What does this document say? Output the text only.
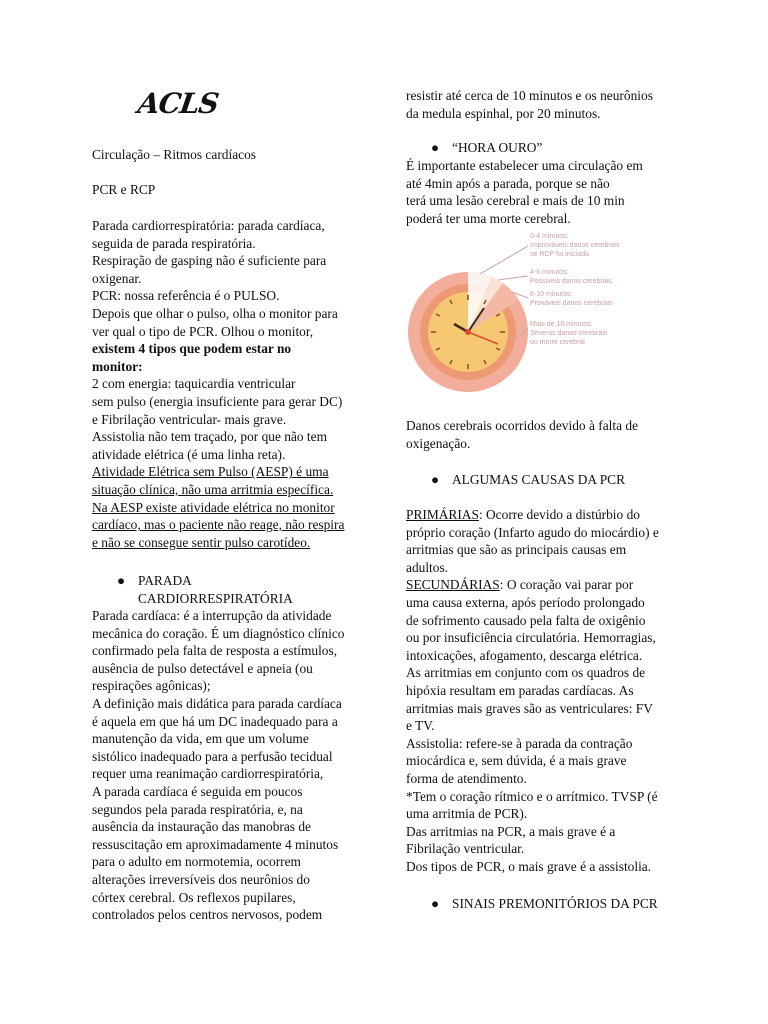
ACLS

Circulação – Ritmos cardíacos

PCR e RCP

Parada cardiorrespiratória: parada cardíaca,

seguida de parada respiratória.

Respiração de gasping não é suficiente para

oxigenar.

PCR: nossa referência é o PULSO.

Depois que olhar o pulso, olha o monitor para

ver qual o tipo de PCR. Olhou o monitor,

existem 4 tipos que podem estar no

monitor:

2 com energia: taquicardia ventricular

sem pulso (energia insuficiente para gerar DC)

e Fibrilação ventricular- mais grave.

Assistolia não tem traçado, por que não tem

atividade elétrica (é uma linha reta).

Atividade Elétrica sem Pulso (AESP) é uma

situação clínica, não uma arritmia específica.

Na AESP existe atividade elétrica no monitor

cardíaco, mas o paciente não reage, não respira

e não se consegue sentir pulso carotídeo.

● PARADA

CARDIORRESPIRATÓRIA

Parada cardíaca: é a interrupção da atividade

mecânica do coração. É um diagnóstico clínico

confirmado pela falta de resposta a estímulos,

ausência de pulso detectável e apneia (ou

respirações agônicas);

A definição mais didática para parada cardíaca

é aquela em que há um DC inadequado para a

manutenção da vida, em que um volume

sistólico inadequado para a perfusão tecidual

requer uma reanimação cardiorrespiratória,

A parada cardíaca é seguida em poucos

segundos pela parada respiratória, e, na

ausência da instauração das manobras de

ressuscitação em aproximadamente 4 minutos

para o adulto em normotemia, ocorrem

alterações irreversíveis dos neurônios do

córtex cerebral. Os reflexos pupilares,

controlados pelos centros nervosos, podem

resistir até cerca de 10 minutos e os neurônios

da medula espinhal, por 20 minutos.

● “HORA OURO”

É importante estabelecer uma circulação em

até 4min após a parada, porque se não

terá uma lesão cerebral e mais de 10 min

poderá ter uma morte cerebral.

Danos cerebrais ocorridos devido à falta de

oxigenação.

● ALGUMAS CAUSAS DA PCR

PRIMÁRIAS: Ocorre devido a distúrbio do

próprio coração (Infarto agudo do miocárdio) e

arritmias que são as principais causas em

adultos.

SECUNDÁRIAS: O coração vai parar por

uma causa externa, após período prolongado

de sofrimento causado pela falta de oxigênio

ou por insuficiência circulatória. Hemorragias,

intoxicações, afogamento, descarga elétrica.

As arritmias em conjunto com os quadros de

hipóxia resultam em paradas cardíacas. As

arritmias mais graves são as ventriculares: FV

e TV.

Assistolia: refere-se à parada da contração

miocárdica e, sem dúvida, é a mais grave

forma de atendimento.

*Tem o coração rítmico e o arrítmico. TVSP (é

uma arritmia de PCR).

Das arritmias na PCR, a mais grave é a

Fibrilação ventricular.

Dos tipos de PCR, o mais grave é a assistolia.

● SINAIS PREMONITÓRIOS DA PCR
0-4 minutos:
Improváveis danos cerebrais
se RCP foi iniciada
4-6 minutos:
Possíveis danos cerebrais
6-10 minutos:
Prováveis danos cerebrais
Mais de 10 minutos:
Severos danos cerebrais
ou morte cerebral
